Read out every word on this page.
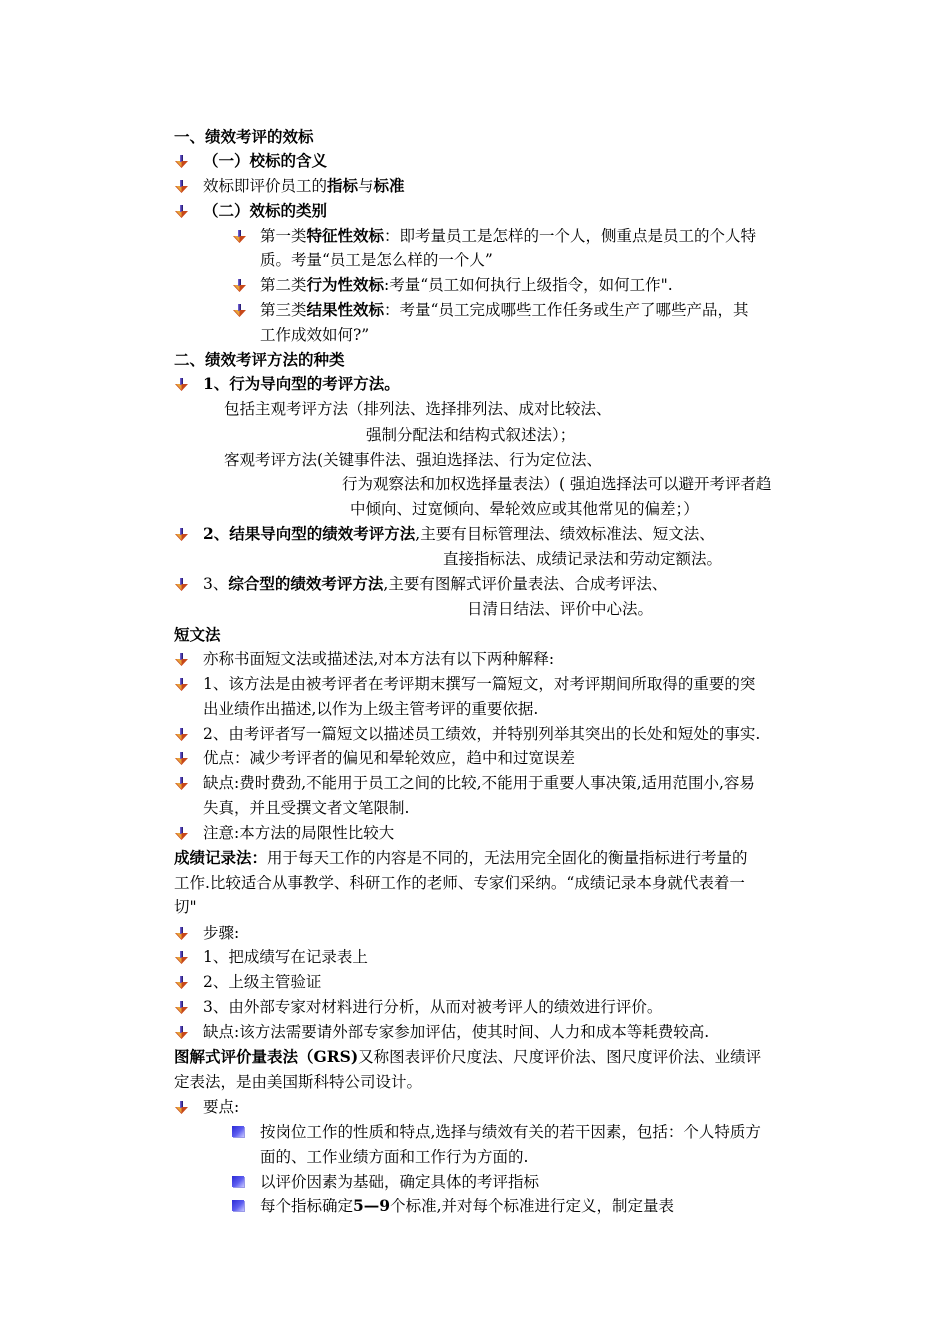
一、绩效考评的效标
（一）校标的含义
效标即评价员工的指标与标准
（二）效标的类别
第一类特征性效标：即考量员工是怎样的一个人，侧重点是员工的个人特
质。考量“员工是怎么样的一个人”
第二类行为性效标:考量“员工如何执行上级指令，如何工作".
第三类结果性效标：考量“员工完成哪些工作任务或生产了哪些产品，其
工作成效如何?”
二、绩效考评方法的种类
1、行为导向型的考评方法。
包括主观考评方法（排列法、选择排列法、成对比较法、
强制分配法和结构式叙述法）；
客观考评方法(关键事件法、强迫选择法、行为定位法、
行为观察法和加权选择量表法）( 强迫选择法可以避开考评者趋
中倾向、过宽倾向、晕轮效应或其他常见的偏差；）
2、结果导向型的绩效考评方法,主要有目标管理法、绩效标准法、短文法、
直接指标法、成绩记录法和劳动定额法。
3、综合型的绩效考评方法,主要有图解式评价量表法、合成考评法、
日清日结法、评价中心法。
短文法
亦称书面短文法或描述法,对本方法有以下两种解释:
1、该方法是由被考评者在考评期末撰写一篇短文，对考评期间所取得的重要的突
出业绩作出描述,以作为上级主管考评的重要依据.
2、由考评者写一篇短文以描述员工绩效，并特别列举其突出的长处和短处的事实.
优点：减少考评者的偏见和晕轮效应，趋中和过宽误差
缺点:费时费劲,不能用于员工之间的比较,不能用于重要人事决策,适用范围小,容易
失真，并且受撰文者文笔限制.
注意:本方法的局限性比较大
成绩记录法：用于每天工作的内容是不同的，无法用完全固化的衡量指标进行考量的
工作.比较适合从事教学、科研工作的老师、专家们采纳。“成绩记录本身就代表着一
切"
步骤:
1、把成绩写在记录表上
2、上级主管验证
3、由外部专家对材料进行分析，从而对被考评人的绩效进行评价。
缺点:该方法需要请外部专家参加评估，使其时间、人力和成本等耗费较高.
图解式评价量表法（GRS)又称图表评价尺度法、尺度评价法、图尺度评价法、业绩评
定表法，是由美国斯科特公司设计。
要点:
按岗位工作的性质和特点,选择与绩效有关的若干因素，包括：个人特质方
面的、工作业绩方面和工作行为方面的.
以评价因素为基础，确定具体的考评指标
每个指标确定5—9个标准,并对每个标准进行定义，制定量表
